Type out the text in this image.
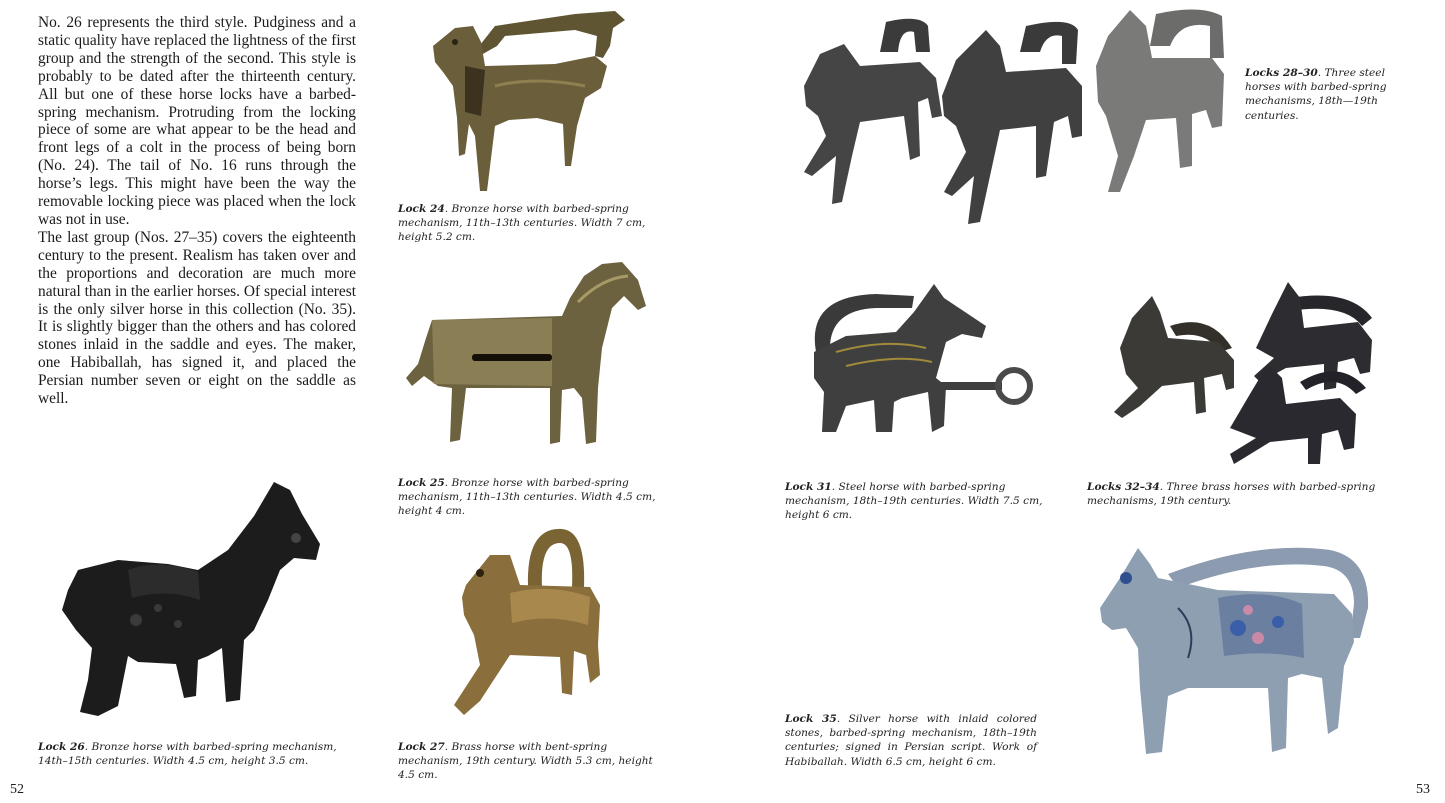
No. 26 represents the third style. Pudginess and a static quality have replaced the lightness of the first group and the strength of the second. This style is probably to be dated after the thirteenth century. All but one of these horse locks have a barbed-spring mechanism. Protruding from the locking piece of some are what appear to be the head and front legs of a colt in the process of being born (No. 24). The tail of No. 16 runs through the horse’s legs. This might have been the way the removable locking piece was placed when the lock was not in use.

The last group (Nos. 27–35) covers the eighteenth century to the present. Realism has taken over and the proportions and decoration are much more natural than in the earlier horses. Of special interest is the only silver horse in this collection (No. 35). It is slightly bigger than the others and has colored stones inlaid in the saddle and eyes. The maker, one Habiballah, has signed it, and placed the Persian number seven or eight on the saddle as well.

Lock 24. Bronze horse with barbed-spring mechanism, 11th–13th centuries. Width 7 cm, height 5.2 cm.
Lock 25. Bronze horse with barbed-spring mechanism, 11th–13th centuries. Width 4.5 cm, height 4 cm.
Lock 26. Bronze horse with barbed-spring mechanism, 14th–15th centuries. Width 4.5 cm, height 3.5 cm.
Lock 27. Brass horse with bent-spring mechanism, 19th century. Width 5.3 cm, height 4.5 cm.
Locks 28–30. Three steel horses with barbed-spring mechanisms, 18th—19th centuries.
Lock 31. Steel horse with barbed-spring mechanism, 18th–19th centuries. Width 7.5 cm, height 6 cm.
Locks 32–34. Three brass horses with barbed-spring mechanisms, 19th century.
Lock 35. Silver horse with inlaid colored stones, barbed-spring mechanism, 18th–19th centuries; signed in Persian script. Work of Habiballah. Width 6.5 cm, height 6 cm.
52	53
